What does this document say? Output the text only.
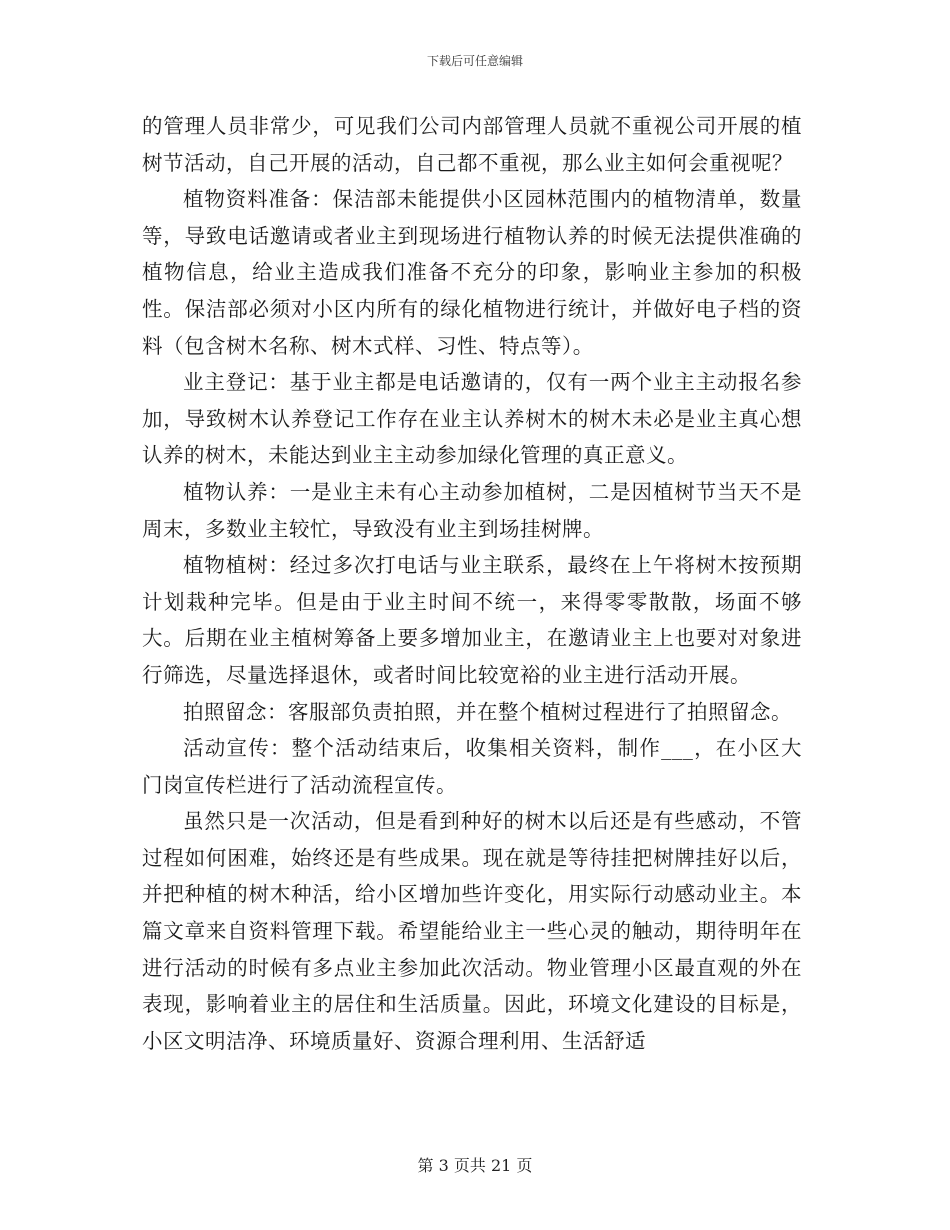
下载后可任意编辑

的管理人员非常少，可见我们公司内部管理人员就不重视公司开展的植树节活动，自己开展的活动，自己都不重视，那么业主如何会重视呢？

植物资料准备：保洁部未能提供小区园林范围内的植物清单，数量等，导致电话邀请或者业主到现场进行植物认养的时候无法提供准确的植物信息，给业主造成我们准备不充分的印象，影响业主参加的积极性。保洁部必须对小区内所有的绿化植物进行统计，并做好电子档的资料（包含树木名称、树木式样、习性、特点等）。

业主登记：基于业主都是电话邀请的，仅有一两个业主主动报名参加，导致树木认养登记工作存在业主认养树木的树木未必是业主真心想认养的树木，未能达到业主主动参加绿化管理的真正意义。

植物认养：一是业主未有心主动参加植树，二是因植树节当天不是周末，多数业主较忙，导致没有业主到场挂树牌。

植物植树：经过多次打电话与业主联系，最终在上午将树木按预期计划栽种完毕。但是由于业主时间不统一，来得零零散散，场面不够大。后期在业主植树筹备上要多增加业主，在邀请业主上也要对对象进行筛选，尽量选择退休，或者时间比较宽裕的业主进行活动开展。

拍照留念：客服部负责拍照，并在整个植树过程进行了拍照留念。

活动宣传：整个活动结束后，收集相关资料，制作___，在小区大门岗宣传栏进行了活动流程宣传。

虽然只是一次活动，但是看到种好的树木以后还是有些感动，不管过程如何困难，始终还是有些成果。现在就是等待挂把树牌挂好以后，并把种植的树木种活，给小区增加些许变化，用实际行动感动业主。本篇文章来自资料管理下载。希望能给业主一些心灵的触动，期待明年在进行活动的时候有多点业主参加此次活动。物业管理小区最直观的外在表现，影响着业主的居住和生活质量。因此，环境文化建设的目标是，小区文明洁净、环境质量好、资源合理利用、生活舒适

第 3 页共 21 页
